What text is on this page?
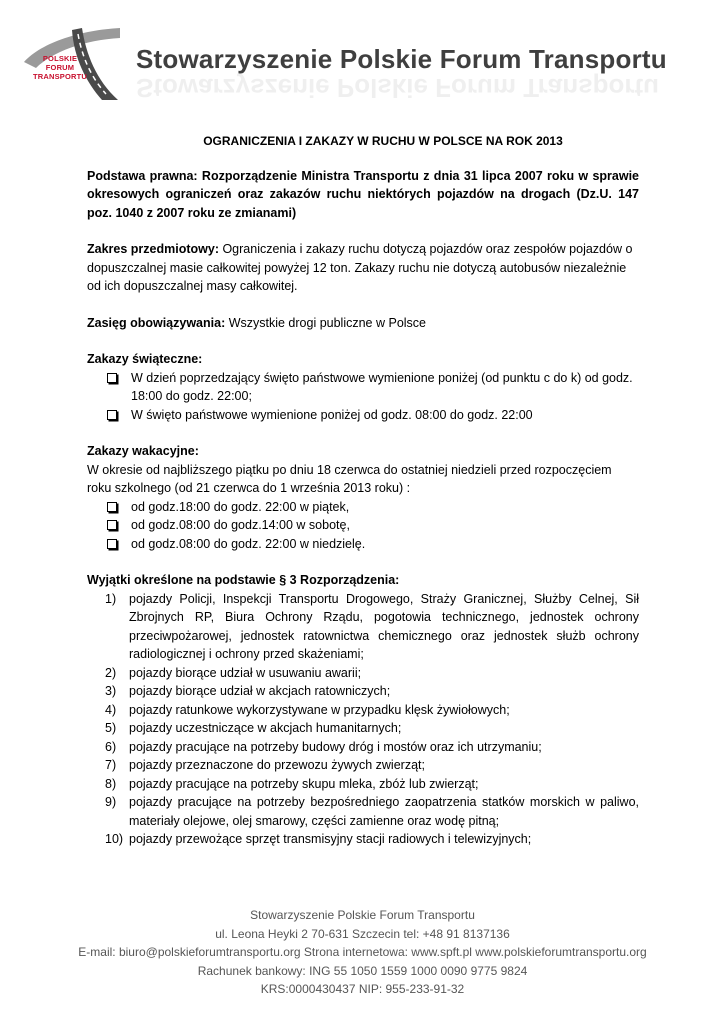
POLSKIE
FORUM
TRANSPORTU
Stowarzyszenie Polskie Forum Transportu
Stowarzyszenie Polskie Forum Transportu
OGRANICZENIA I ZAKAZY W RUCHU W POLSCE NA ROK 2013

Podstawa prawna: Rozporządzenie Ministra Transportu z dnia 31 lipca 2007 roku w sprawie okresowych ograniczeń oraz zakazów ruchu niektórych pojazdów na drogach (Dz.U. 147 poz. 1040 z 2007 roku ze zmianami)

Zakres przedmiotowy: Ograniczenia i zakazy ruchu dotyczą pojazdów oraz zespołów pojazdów o dopuszczalnej masie całkowitej powyżej 12 ton. Zakazy ruchu nie dotyczą autobusów niezależnie od ich dopuszczalnej masy całkowitej.

Zasięg obowiązywania: Wszystkie drogi publiczne w Polsce

Zakazy świąteczne:

W dzień poprzedzający święto państwowe wymienione poniżej (od punktu c do k) od godz. 18:00 do godz. 22:00;
W święto państwowe wymienione poniżej od godz. 08:00 do godz. 22:00

Zakazy wakacyjne:

W okresie od najbliższego piątku po dniu 18 czerwca do ostatniej niedzieli przed rozpoczęciem roku szkolnego (od 21 czerwca do 1 września 2013 roku) :

od godz.18:00 do godz. 22:00 w piątek,
od godz.08:00 do godz.14:00 w sobotę,
od godz.08:00 do godz. 22:00 w niedzielę.

Wyjątki określone na podstawie § 3 Rozporządzenia:

1) pojazdy Policji, Inspekcji Transportu Drogowego, Straży Granicznej, Służby Celnej, Sił Zbrojnych RP, Biura Ochrony Rządu, pogotowia technicznego, jednostek ochrony przeciwpożarowej, jednostek ratownictwa chemicznego oraz jednostek służb ochrony radiologicznej i ochrony przed skażeniami;
2) pojazdy biorące udział w usuwaniu awarii;
3) pojazdy biorące udział w akcjach ratowniczych;
4) pojazdy ratunkowe wykorzystywane w przypadku klęsk żywiołowych;
5) pojazdy uczestniczące w akcjach humanitarnych;
6) pojazdy pracujące na potrzeby budowy dróg i mostów oraz ich utrzymaniu;
7) pojazdy przeznaczone do przewozu żywych zwierząt;
8) pojazdy pracujące na potrzeby skupu mleka, zbóż lub zwierząt;
9) pojazdy pracujące na potrzeby bezpośredniego zaopatrzenia statków morskich w paliwo, materiały olejowe, olej smarowy, części zamienne oraz wodę pitną;
10) pojazdy przewożące sprzęt transmisyjny stacji radiowych i telewizyjnych;
Stowarzyszenie Polskie Forum Transportu
ul. Leona Heyki 2 70-631 Szczecin tel: +48 91 8137136
E-mail: biuro@polskieforumtransportu.org Strona internetowa: www.spft.pl www.polskieforumtransportu.org
Rachunek bankowy: ING 55 1050 1559 1000 0090 9775 9824
KRS:0000430437 NIP: 955-233-91-32
